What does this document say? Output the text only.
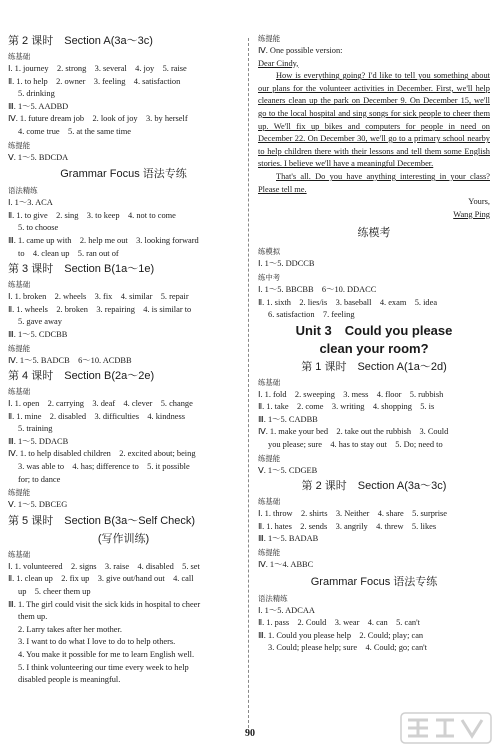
第 2 课时　Section A(3a～3c)
练基础
Ⅰ. 1. journey　2. strong　3. several　4. joy　5. raise
Ⅱ. 1. to help　2. owner　3. feeling　4. satisfaction
5. drinking
Ⅲ. 1～5. AADBD
Ⅳ. 1. future dream job　2. look of joy　3. by herself
4. come true　5. at the same time
练提能
Ⅴ. 1～5. BDCDA
Grammar Focus 语法专练
语法精练
Ⅰ. 1～3. ACA
Ⅱ. 1. to give　2. sing　3. to keep　4. not to come
5. to choose
Ⅲ. 1. came up with　2. help me out　3. looking forward
to　4. clean up　5. ran out of
第 3 课时　Section B(1a～1e)
练基础
Ⅰ. 1. broken　2. wheels　3. fix　4. similar　5. repair
Ⅱ. 1. wheels　2. broken　3. repairing　4. is similar to
5. gave away
Ⅲ. 1～5. CDCBB
练提能
Ⅳ. 1～5. BADCB　6～10. ACDBB
第 4 课时　Section B(2a～2e)
练基础
Ⅰ. 1. open　2. carrying　3. deaf　4. clever　5. change
Ⅱ. 1. mine　2. disabled　3. difficulties　4. kindness
5. training
Ⅲ. 1～5. DDACB
Ⅳ. 1. to help disabled children　2. excited about; being
3. was able to　4. has; difference to　5. it possible
for; to dance
练提能
Ⅴ. 1～5. DBCEG
第 5 课时　Section B(3a～Self Check)
(写作训练)
练基础
Ⅰ. 1. volunteered　2. signs　3. raise　4. disabled　5. set
Ⅱ. 1. clean up　2. fix up　3. give out/hand out　4. call
up　5. cheer them up
Ⅲ. 1. The girl could visit the sick kids in hospital to cheer
them up.
2. Larry takes after her mother.
3. I want to do what I love to do to help others.
4. You make it possible for me to learn English well.
5. I think volunteering our time every week to help
disabled people is meaningful.
练提能
Ⅳ. One possible version:
Dear Cindy,
How is everything going? I'd like to tell you something about our plans for the volunteer activities in December. First, we'll help cleaners clean up the park on December 9. On December 15, we'll go to the local hospital and sing songs for sick people to cheer them up. We'll fix up bikes and computers for people in need on December 22. On December 30, we'll go to a primary school nearby to help children there with their lessons and tell them some English stories. I believe we'll have a meaningful December.
That's all. Do you have anything interesting in your class? Please tell me.
Yours,
Wang Ping
练模考
练模拟
Ⅰ. 1～5. DDCCB
练中考
Ⅰ. 1～5. BBCBB　6～10. DDACC
Ⅱ. 1. sixth　2. lies/is　3. baseball　4. exam　5. idea
6. satisfaction　7. feeling
Unit 3　Could you please
clean your room?
第 1 课时　Section A(1a～2d)
练基础
Ⅰ. 1. fold　2. sweeping　3. mess　4. floor　5. rubbish
Ⅱ. 1. take　2. come　3. writing　4. shopping　5. is
Ⅲ. 1～5. CADBB
Ⅳ. 1. make your bed　2. take out the rubbish　3. Could
you please; sure　4. has to stay out　5. Do; need to
练提能
Ⅴ. 1～5. CDGEB
第 2 课时　Section A(3a～3c)
练基础
Ⅰ. 1. throw　2. shirts　3. Neither　4. share　5. surprise
Ⅱ. 1. hates　2. sends　3. angrily　4. threw　5. likes
Ⅲ. 1～5. BADAB
练提能
Ⅳ. 1～4. ABBC
Grammar Focus 语法专练
语法精练
Ⅰ. 1～5. ADCAA
Ⅱ. 1. pass　2. Could　3. wear　4. can　5. can't
Ⅲ. 1. Could you please help　2. Could; play; can
3. Could; please help; sure　4. Could; go; can't
90
